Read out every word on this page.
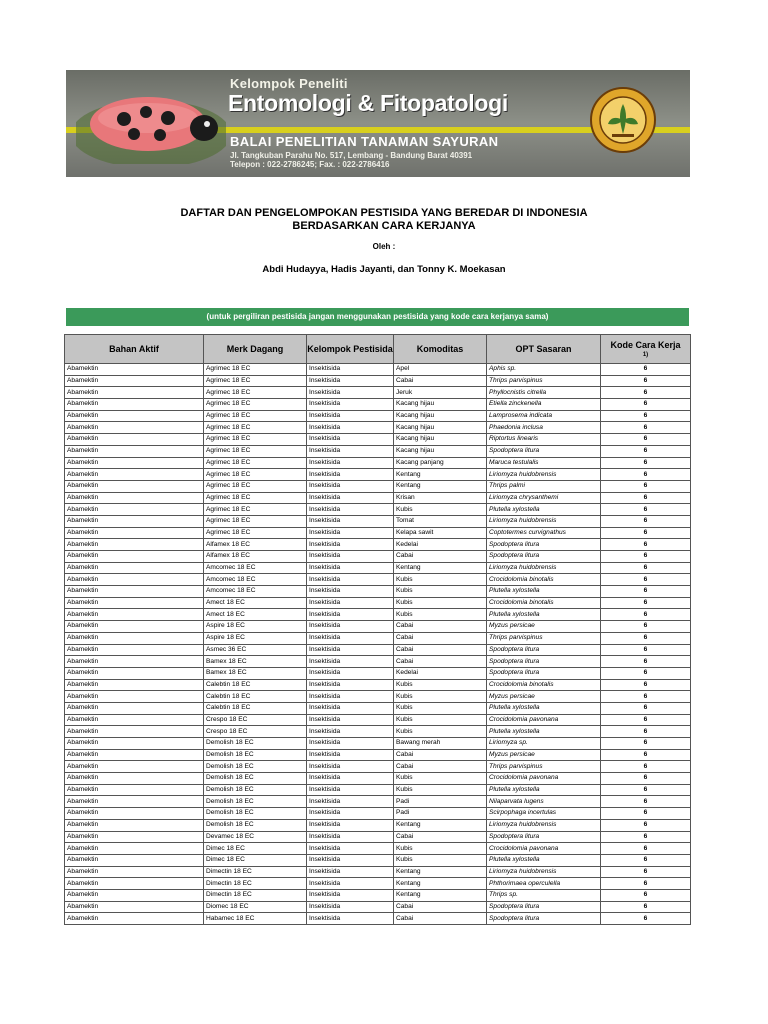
Kelompok Peneliti
Entomologi & Fitopatologi
BALAI PENELITIAN TANAMAN SAYURAN
Jl. Tangkuban Parahu No. 517, Lembang - Bandung Barat 40391
Telepon : 022-2786245; Fax. : 022-2786416
DAFTAR DAN PENGELOMPOKAN PESTISIDA YANG BEREDAR DI INDONESIA
BERDASARKAN CARA KERJANYA
Oleh :
Abdi Hudayya, Hadis Jayanti, dan Tonny K. Moekasan
(untuk pergiliran pestisida jangan menggunakan pestisida yang kode cara kerjanya sama)
Bahan Aktif	Merk Dagang	Kelompok Pestisida	Komoditas	OPT Sasaran	Kode Cara Kerja
1)

Abamektin	Agrimec 18 EC	Insektisida	Apel	Aphis sp.	6
Abamektin	Agrimec 18 EC	Insektisida	Cabai	Thrips parvispinus	6
Abamektin	Agrimec 18 EC	Insektisida	Jeruk	Phyllocnistis citrella	6
Abamektin	Agrimec 18 EC	Insektisida	Kacang hijau	Etiella zinckenella	6
Abamektin	Agrimec 18 EC	Insektisida	Kacang hijau	Lamprosema indicata	6
Abamektin	Agrimec 18 EC	Insektisida	Kacang hijau	Phaedonia inclusa	6
Abamektin	Agrimec 18 EC	Insektisida	Kacang hijau	Riptortus linearis	6
Abamektin	Agrimec 18 EC	Insektisida	Kacang hijau	Spodoptera litura	6
Abamektin	Agrimec 18 EC	Insektisida	Kacang panjang	Maruca testulalis	6
Abamektin	Agrimec 18 EC	Insektisida	Kentang	Liriomyza huidobrensis	6
Abamektin	Agrimec 18 EC	Insektisida	Kentang	Thrips palmi	6
Abamektin	Agrimec 18 EC	Insektisida	Krisan	Liriomyza chrysanthemi	6
Abamektin	Agrimec 18 EC	Insektisida	Kubis	Plutella xylostella	6
Abamektin	Agrimec 18 EC	Insektisida	Tomat	Liriomyza huidobrensis	6
Abamektin	Agrimec 18 EC	Insektisida	Kelapa sawit	Coptotermes curvignathus	6
Abamektin	Alfamex 18 EC	Insektisida	Kedelai	Spodoptera litura	6
Abamektin	Alfamex 18 EC	Insektisida	Cabai	Spodoptera litura	6
Abamektin	Amcomec 18 EC	Insektisida	Kentang	Liriomyza huidobrensis	6
Abamektin	Amcomec 18 EC	Insektisida	Kubis	Crocidolomia binotalis	6
Abamektin	Amcomec 18 EC	Insektisida	Kubis	Plutella xylostella	6
Abamektin	Amect 18 EC	Insektisida	Kubis	Crocidolomia binotalis	6
Abamektin	Amect 18 EC	Insektisida	Kubis	Plutella xylostella	6
Abamektin	Aspire 18 EC	Insektisida	Cabai	Myzus persicae	6
Abamektin	Aspire 18 EC	Insektisida	Cabai	Thrips parvispinus	6
Abamektin	Asmec 36 EC	Insektisida	Cabai	Spodoptera litura	6
Abamektin	Bamex 18 EC	Insektisida	Cabai	Spodoptera litura	6
Abamektin	Bamex 18 EC	Insektisida	Kedelai	Spodoptera litura	6
Abamektin	Calebtin 18 EC	Insektisida	Kubis	Crocidolomia binotalis	6
Abamektin	Calebtin 18 EC	Insektisida	Kubis	Myzus persicae	6
Abamektin	Calebtin 18 EC	Insektisida	Kubis	Plutella xylostella	6
Abamektin	Crespo 18 EC	Insektisida	Kubis	Crocidolomia pavonana	6
Abamektin	Crespo 18 EC	Insektisida	Kubis	Plutella xylostella	6
Abamektin	Demolish 18 EC	Insektisida	Bawang merah	Liriomyza sp.	6
Abamektin	Demolish 18 EC	Insektisida	Cabai	Myzus persicae	6
Abamektin	Demolish 18 EC	Insektisida	Cabai	Thrips parvispinus	6
Abamektin	Demolish 18 EC	Insektisida	Kubis	Crocidolomia pavonana	6
Abamektin	Demolish 18 EC	Insektisida	Kubis	Plutella xylostella	6
Abamektin	Demolish 18 EC	Insektisida	Padi	Nilaparvata lugens	6
Abamektin	Demolish 18 EC	Insektisida	Padi	Scirpophaga incertulas	6
Abamektin	Demolish 18 EC	Insektisida	Kentang	Liriomyza huidobrensis	6
Abamektin	Devamec 18 EC	Insektisida	Cabai	Spodoptera litura	6
Abamektin	Dimec 18 EC	Insektisida	Kubis	Crocidolomia pavonana	6
Abamektin	Dimec 18 EC	Insektisida	Kubis	Plutella xylostella	6
Abamektin	Dimectin 18 EC	Insektisida	Kentang	Liriomyza huidobrensis	6
Abamektin	Dimectin 18 EC	Insektisida	Kentang	Phthorimaea operculella	6
Abamektin	Dimectin 18 EC	Insektisida	Kentang	Thrips sp.	6
Abamektin	Diomec 18 EC	Insektisida	Cabai	Spodoptera litura	6
Abamektin	Habamec 18 EC	Insektisida	Cabai	Spodoptera litura	6
